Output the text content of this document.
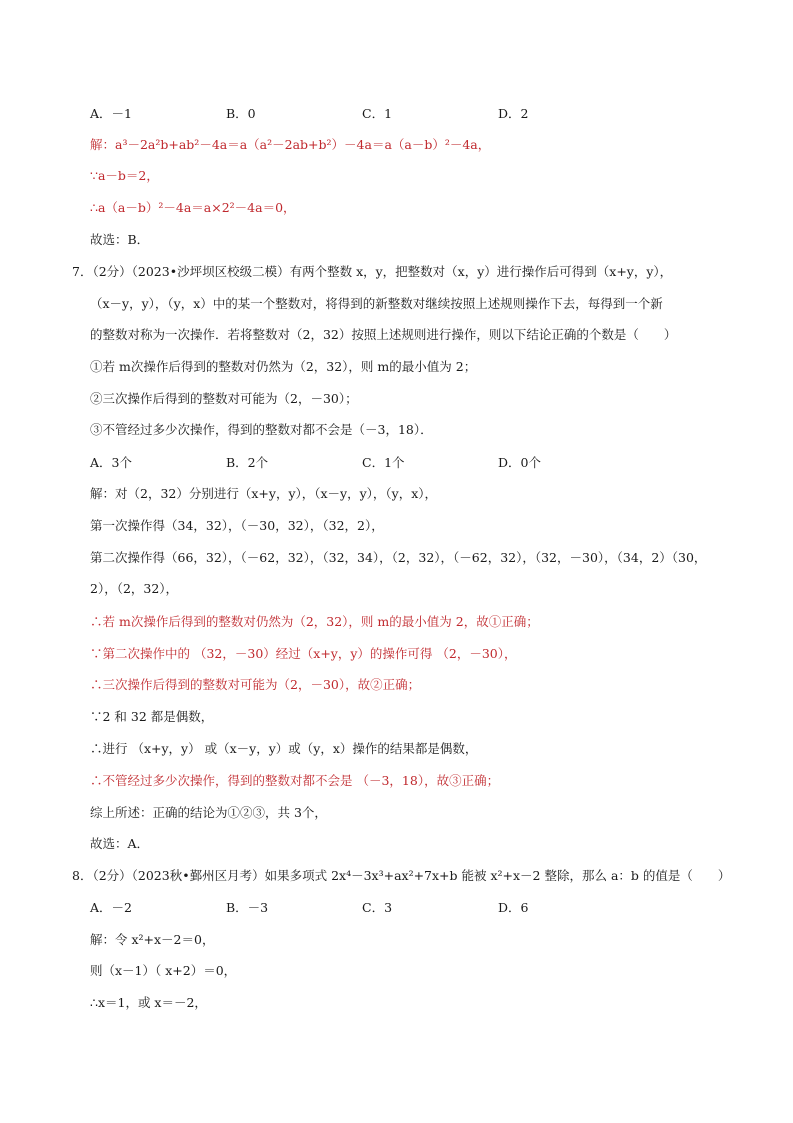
A．－1	B．0	C．1	D．2
解：a³－2a²b+ab²－4a＝a（a²－2ab+b²）－4a＝a（a－b）²－4a，
∵a－b＝2，
∴a（a－b）²－4a＝a×2²－4a＝0，
故选：B．
7．（2分）（2023•沙坪坝区校级二模）有两个整数 x，y，把整数对（x，y）进行操作后可得到（x+y，y），
（x－y，y），（y，x）中的某一个整数对，将得到的新整数对继续按照上述规则操作下去，每得到一个新
的整数对称为一次操作．若将整数对（2，32）按照上述规则进行操作，则以下结论正确的个数是（　　）
①若 m次操作后得到的整数对仍然为（2，32），则 m的最小值为 2；
②三次操作后得到的整数对可能为（2，－30）；
③不管经过多少次操作，得到的整数对都不会是（－3，18）．
A．3个	B．2个	C．1个	D．0个
解：对（2，32）分别进行（x+y，y），（x－y，y），（y，x），
第一次操作得（34，32），（－30，32），（32，2），
第二次操作得（66，32），（－62，32），（32，34），（2，32），（－62，32），（32，－30），（34，2）（30，
2），（2，32），
∴若 m次操作后得到的整数对仍然为（2，32），则 m的最小值为 2，故①正确；
∵第二次操作中的 （32，－30）经过（x+y，y）的操作可得 （2，－30），
∴三次操作后得到的整数对可能为（2，－30），故②正确；
∵2 和 32 都是偶数，
∴进行 （x+y，y） 或（x－y，y）或（y，x）操作的结果都是偶数，
∴不管经过多少次操作，得到的整数对都不会是 （－3，18），故③正确；
综上所述：正确的结论为①②③，共 3个，
故选：A．
8．（2分）（2023秋•鄞州区月考）如果多项式 2x⁴－3x³+ax²+7x+b 能被 x²+x－2 整除，那么 a：b 的值是（　　）
A．－2	B．－3	C．3	D．6
解：令 x²+x－2＝0，
则（x－1）（ x+2）＝0，
∴x＝1，或 x＝－2，
